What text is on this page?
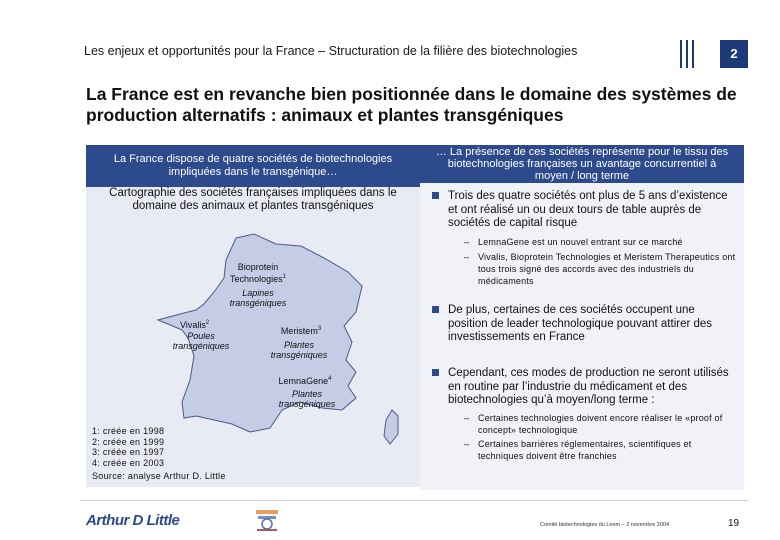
Les enjeux et opportunités pour la France – Structuration de la filière des biotechnologies	2
La France est en revanche bien positionnée dans le domaine des systèmes de production alternatifs : animaux et plantes transgéniques
La France dispose de quatre sociétés de biotechnologies impliquées dans le transgénique…
Cartographie des sociétés françaises impliquées dans le domaine des animaux et plantes transgéniques
Bioprotein Technologies$^1$
Lapines transgéniques
Vivalis$^2$
Poules transgéniques
Meristem$^3$
Plantes transgéniques
LemnaGene$^4$
Plantes transgéniques
1: créée en 1998
2: créée en 1999
3: créée en 1997
4: créée en 2003
Source: analyse Arthur D. Little
… La présence de ces sociétés représente pour le tissu des biotechnologies françaises un avantage concurrentiel à moyen / long terme
Trois des quatre sociétés ont plus de 5 ans d’existence et ont réalisé un ou deux tours de table auprès de sociétés de capital risque
– LemnaGene est un nouvel entrant sur ce marché
– Vivalis, Bioprotein Technologies et Meristem Therapeutics ont tous trois signé des accords avec des industriels du médicaments
De plus, certaines de ces sociétés occupent une position de leader technologique pouvant attirer des investissements en France
Cependant, ces modes de production ne seront utilisés en routine par l’industrie du médicament et des biotechnologies qu’à moyen/long terme :
– Certaines technologies doivent encore réaliser le «proof of concept» technologique
– Certaines barrières réglementaires, scientifiques et techniques doivent être franchies
Arthur D Little	Comité biotechnologies du Leem – 2 novembre 2004	19
